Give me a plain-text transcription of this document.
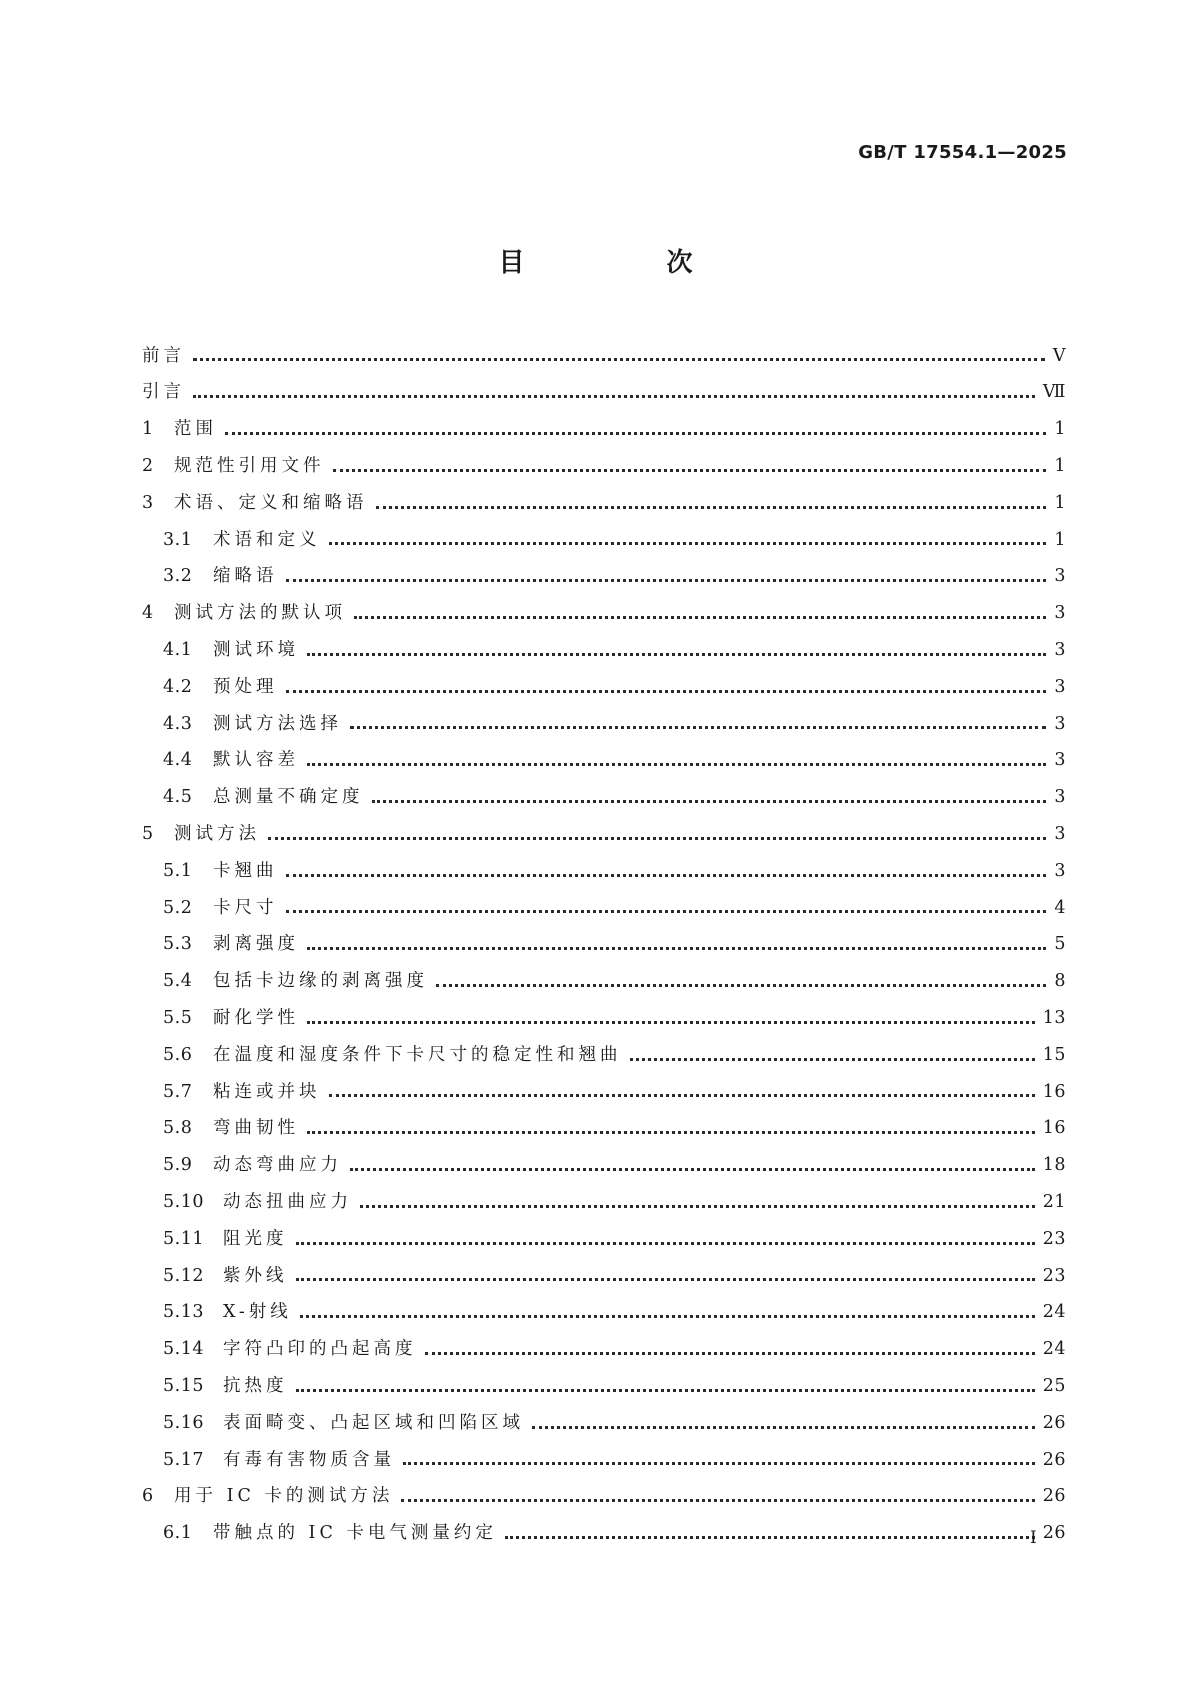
GB/T 17554.1—2025
目　次
前言	Ⅴ
引言	Ⅶ
1	范围	1
2	规范性引用文件	1
3	术语、定义和缩略语	1
3.1	术语和定义	1
3.2	缩略语	3
4	测试方法的默认项	3
4.1	测试环境	3
4.2	预处理	3
4.3	测试方法选择	3
4.4	默认容差	3
4.5	总测量不确定度	3
5	测试方法	3
5.1	卡翘曲	3
5.2	卡尺寸	4
5.3	剥离强度	5
5.4	包括卡边缘的剥离强度	8
5.5	耐化学性	13
5.6	在温度和湿度条件下卡尺寸的稳定性和翘曲	15
5.7	粘连或并块	16
5.8	弯曲韧性	16
5.9	动态弯曲应力	18
5.10	动态扭曲应力	21
5.11	阻光度	23
5.12	紫外线	23
5.13	X-射线	24
5.14	字符凸印的凸起高度	24
5.15	抗热度	25
5.16	表面畸变、凸起区域和凹陷区域	26
5.17	有毒有害物质含量	26
6	用于 IC 卡的测试方法	26
6.1	带触点的 IC 卡电气测量约定	26
Ⅰ
